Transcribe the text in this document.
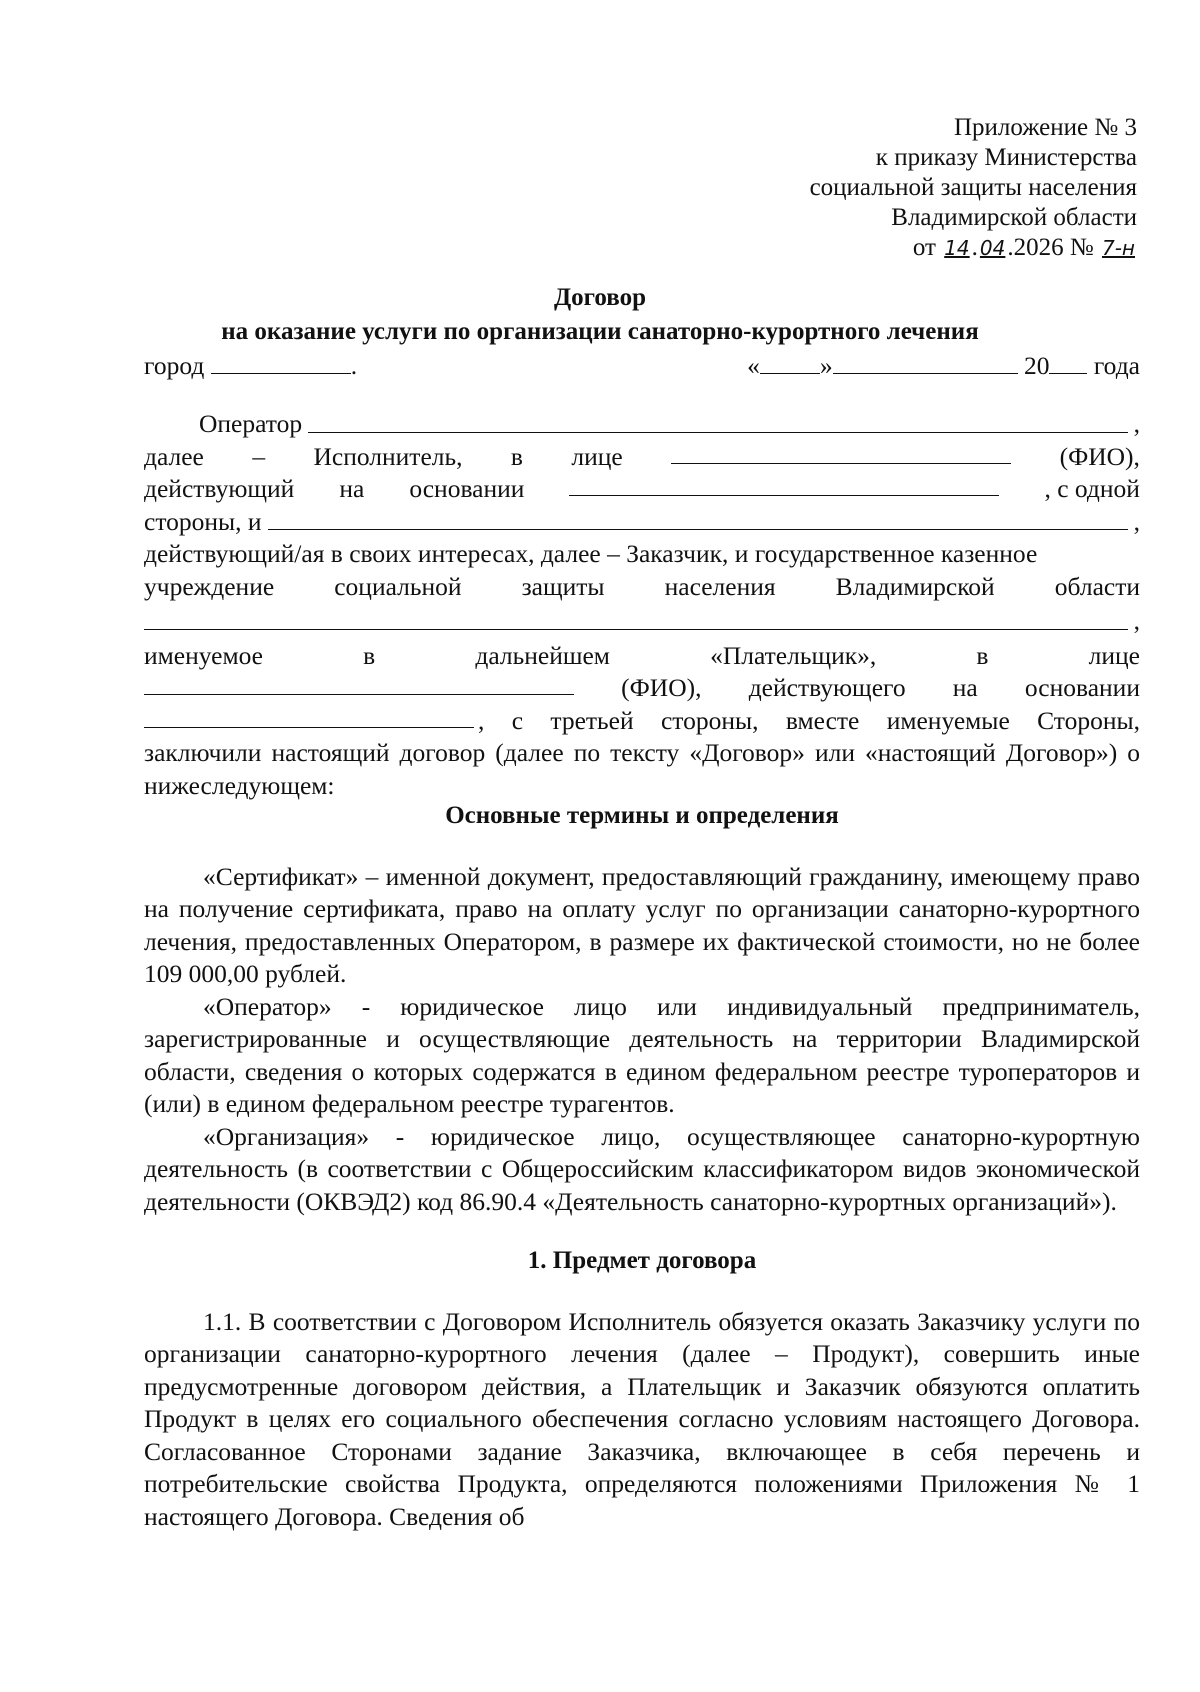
Приложение № 3
к приказу Министерства
социальной защиты населения
Владимирской области
от 14. 04.2026 № 7-н
Договор
на оказание услуги по организации санаторно-курортного лечения
город	.	« »	20 года
Оператор	,
далее – Исполнитель, в лице	(ФИО),
действующий на основании	, с одной
стороны, и	,
действующий/ая в своих интересах, далее – Заказчик, и государственное казенное
учреждение социальной защиты населения Владимирской области
,
именуемое	в	дальнейшем	«Плательщик»,	в	лице
(ФИО), действующего на основании
, с третьей стороны, вместе именуемые Стороны,
заключили настоящий договор (далее по тексту «Договор» или «настоящий Договор») о нижеследующем:
Основные термины и определения
«Сертификат» – именной документ, предоставляющий гражданину, имеющему право на получение сертификата, право на оплату услуг по организации санаторно-курортного лечения, предоставленных Оператором, в размере их фактической стоимости, но не более 109 000,00 рублей.
«Оператор» - юридическое лицо или индивидуальный предприниматель, зарегистрированные и осуществляющие деятельность на территории Владимирской области, сведения о которых содержатся в едином федеральном реестре туроператоров и (или) в едином федеральном реестре турагентов.
«Организация» - юридическое лицо, осуществляющее санаторно-курортную деятельность (в соответствии с Общероссийским классификатором видов экономической деятельности (ОКВЭД2) код 86.90.4 «Деятельность санаторно-курортных организаций»).
1. Предмет договора
1.1. В соответствии с Договором Исполнитель обязуется оказать Заказчику услуги по организации санаторно-курортного лечения (далее – Продукт), совершить иные предусмотренные договором действия, а Плательщик и Заказчик обязуются оплатить Продукт в целях его социального обеспечения согласно условиям настоящего Договора. Согласованное Сторонами задание Заказчика, включающее в себя перечень и потребительские свойства Продукта, определяются положениями Приложения № 1 настоящего Договора. Сведения об
